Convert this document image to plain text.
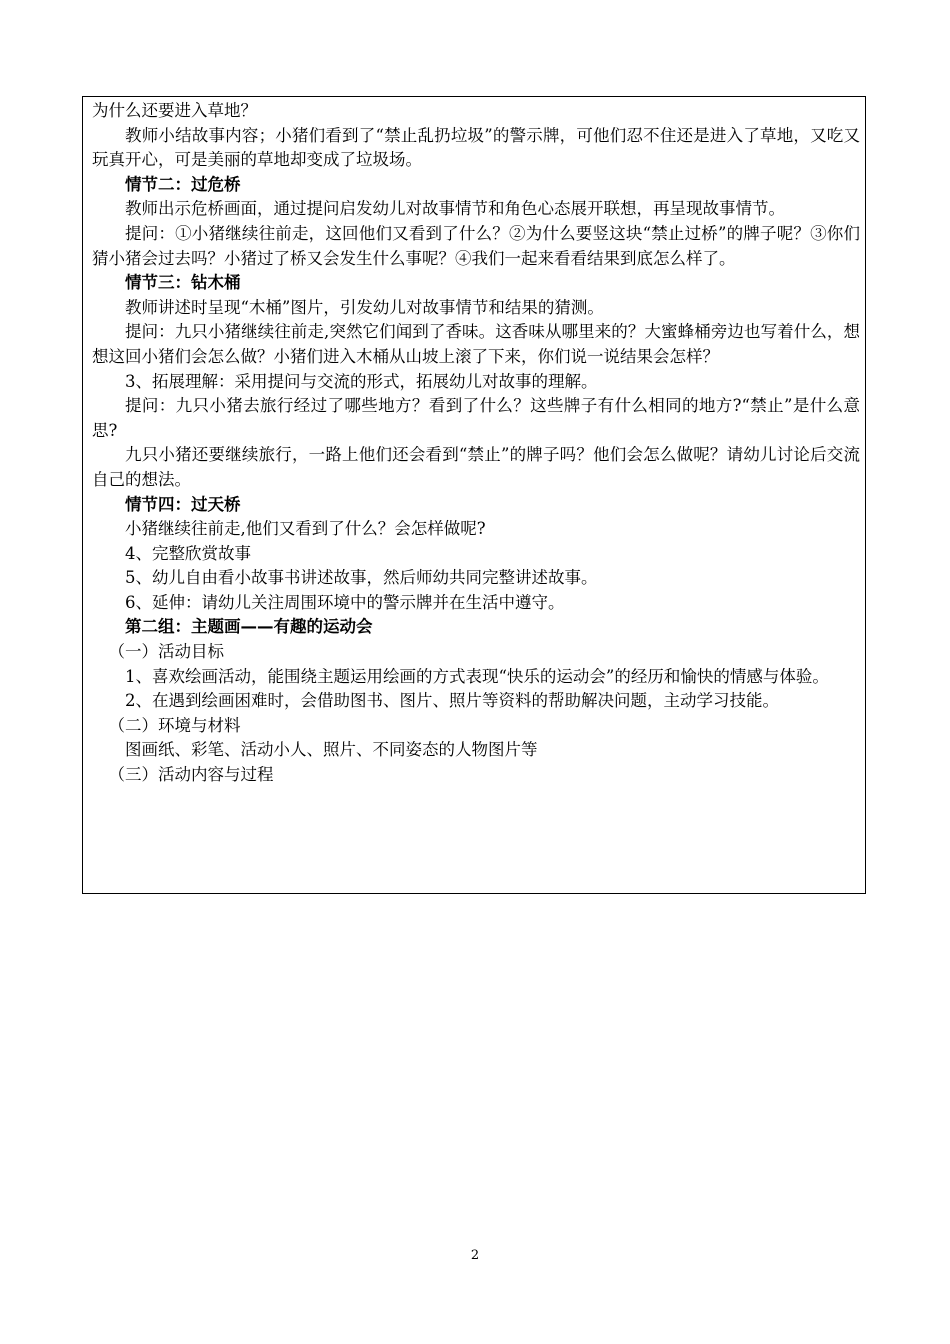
为什么还要进入草地？

教师小结故事内容；小猪们看到了“禁止乱扔垃圾”的警示牌，可他们忍不住还是进入了草地，又吃又玩真开心，可是美丽的草地却变成了垃圾场。

情节二：过危桥

教师出示危桥画面，通过提问启发幼儿对故事情节和角色心态展开联想，再呈现故事情节。

提问：①小猪继续往前走，这回他们又看到了什么？②为什么要竖这块“禁止过桥”的牌子呢？③你们猜小猪会过去吗？小猪过了桥又会发生什么事呢？④我们一起来看看结果到底怎么样了。

情节三：钻木桶

教师讲述时呈现“木桶”图片，引发幼儿对故事情节和结果的猜测。

提问：九只小猪继续往前走,突然它们闻到了香味。这香味从哪里来的？大蜜蜂桶旁边也写着什么，想想这回小猪们会怎么做？小猪们进入木桶从山坡上滚了下来，你们说一说结果会怎样？

3、拓展理解：采用提问与交流的形式，拓展幼儿对故事的理解。

提问：九只小猪去旅行经过了哪些地方？看到了什么？这些牌子有什么相同的地方?“禁止”是什么意思?

九只小猪还要继续旅行，一路上他们还会看到“禁止”的牌子吗？他们会怎么做呢？请幼儿讨论后交流自己的想法。

情节四：过天桥

小猪继续往前走,他们又看到了什么？会怎样做呢?

4、完整欣赏故事

5、幼儿自由看小故事书讲述故事，然后师幼共同完整讲述故事。

6、延伸：请幼儿关注周围环境中的警示牌并在生活中遵守。

第二组：主题画——有趣的运动会

（一）活动目标

1、喜欢绘画活动，能围绕主题运用绘画的方式表现“快乐的运动会”的经历和愉快的情感与体验。

2、在遇到绘画困难时，会借助图书、图片、照片等资料的帮助解决问题，主动学习技能。

（二）环境与材料

图画纸、彩笔、活动小人、照片、不同姿态的人物图片等

（三）活动内容与过程

2
